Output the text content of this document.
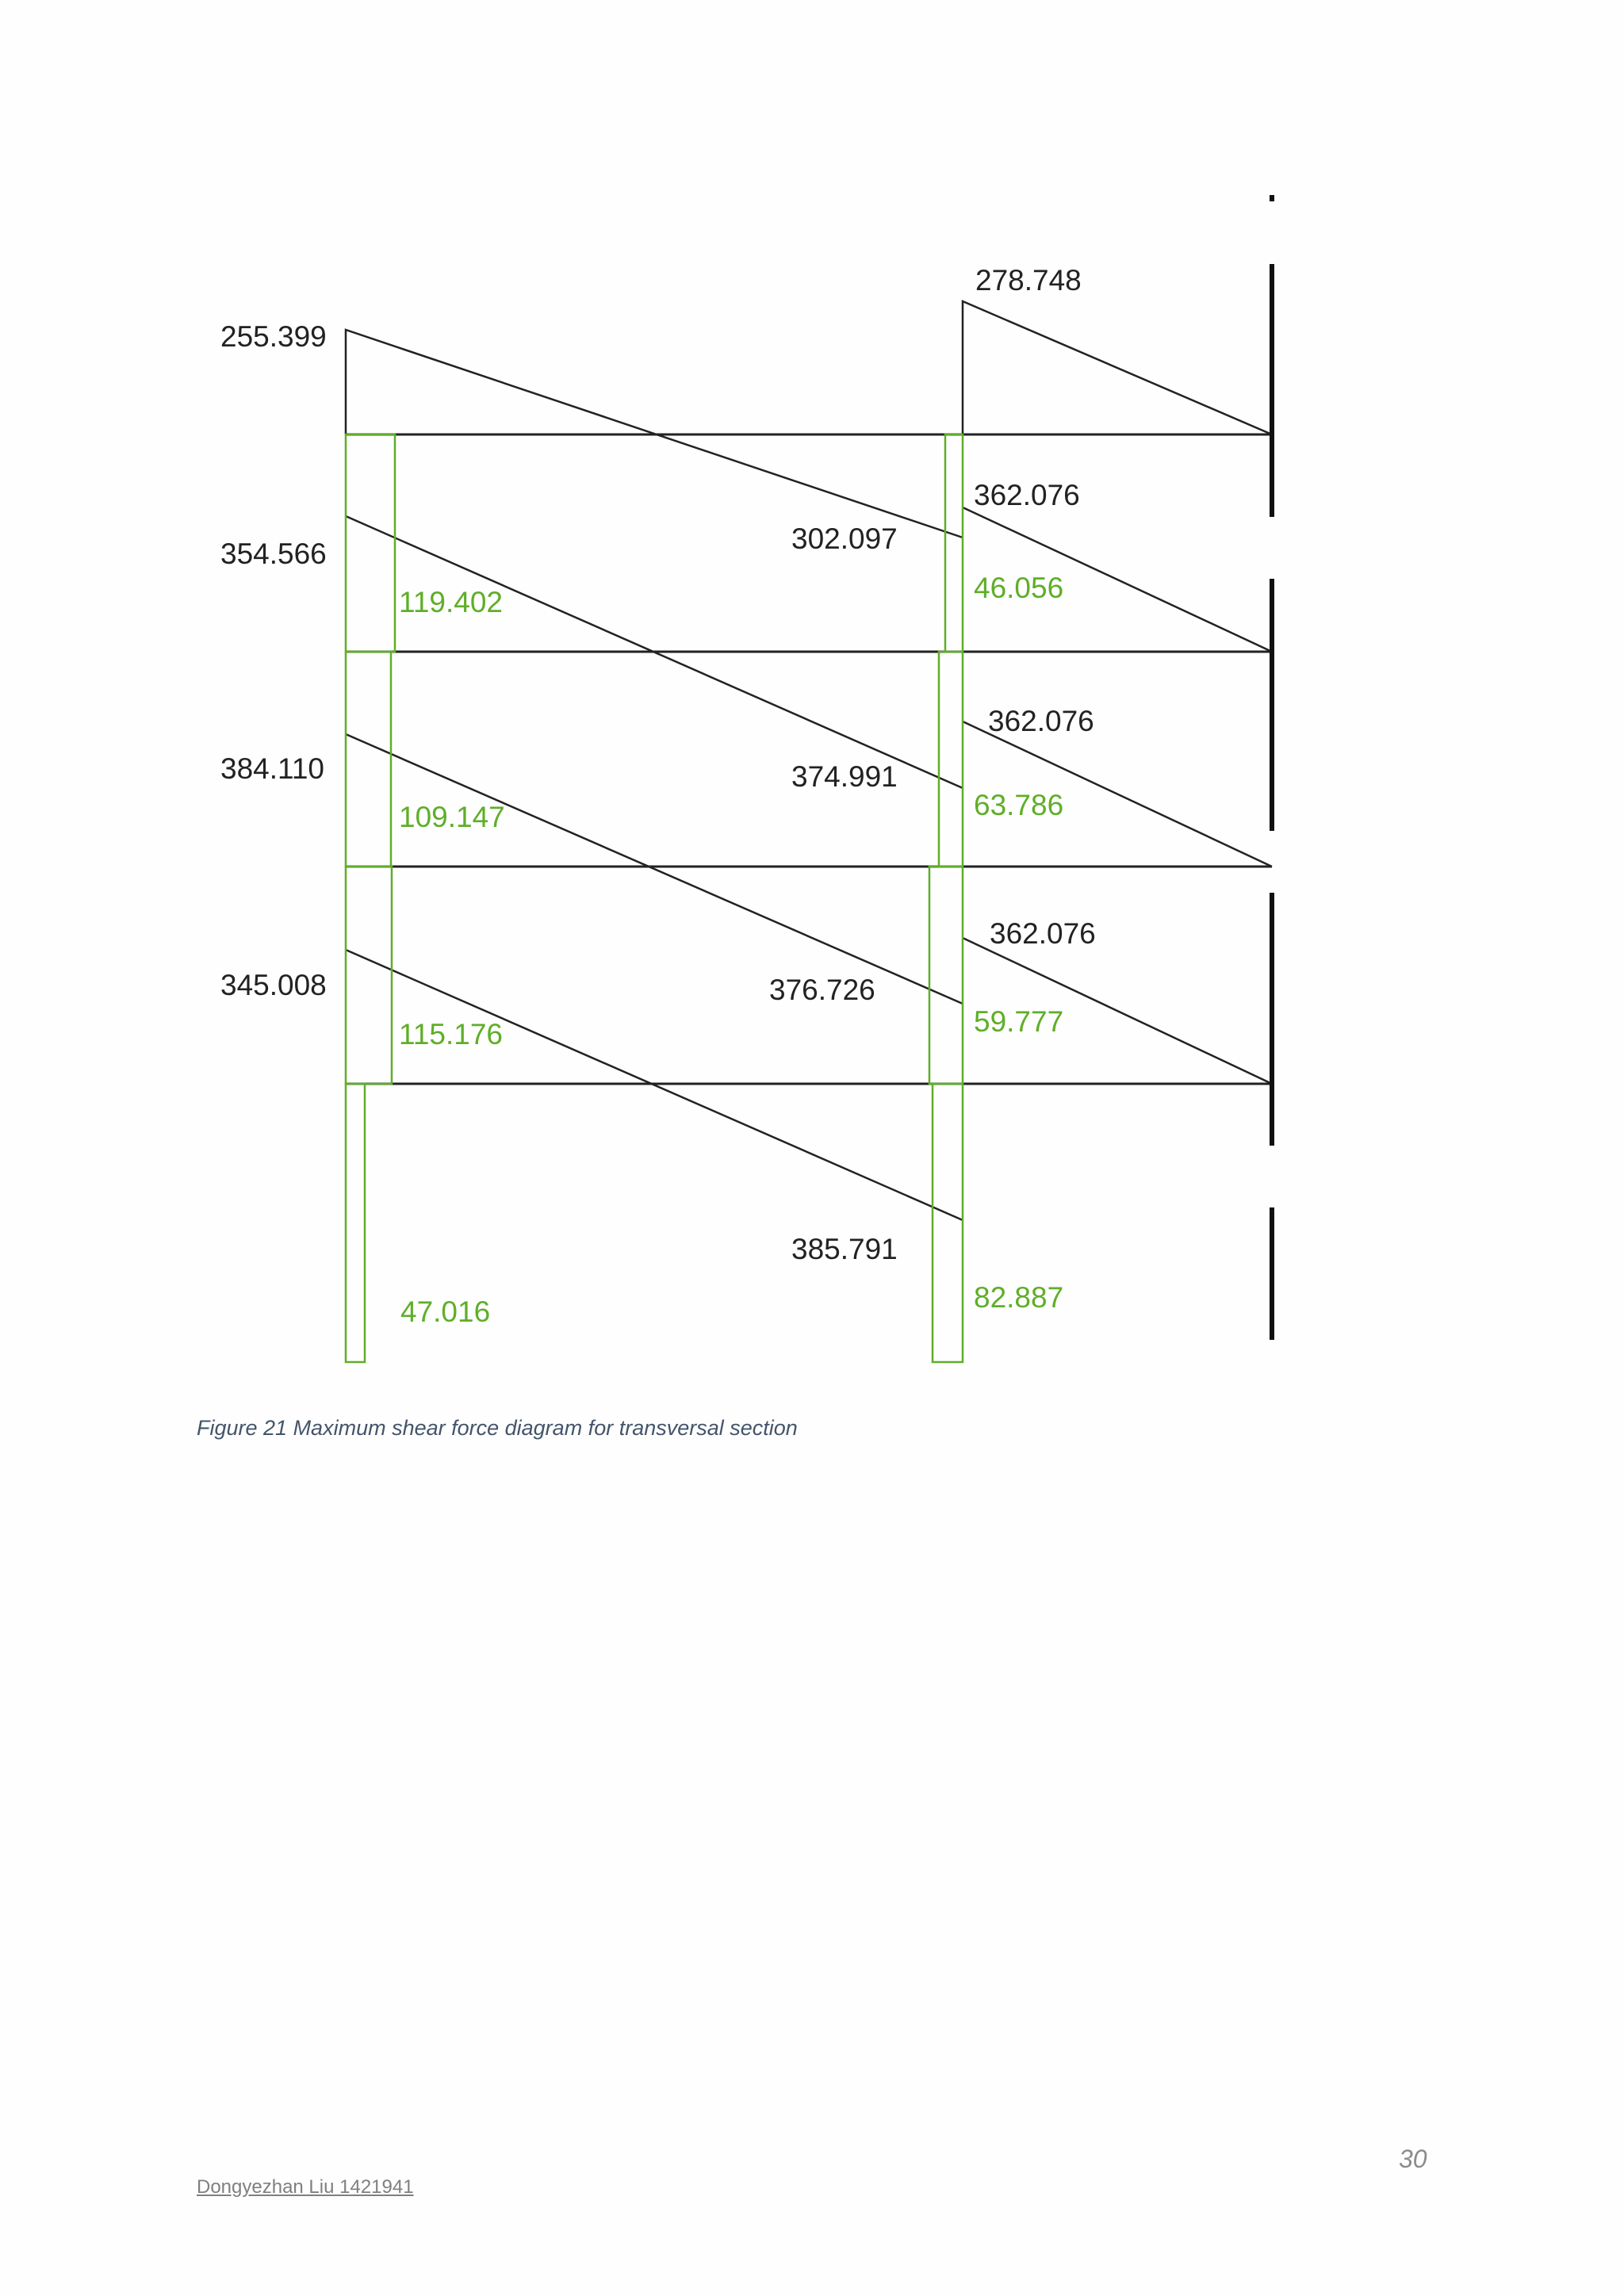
255.399
354.566
384.110
345.008
302.097
374.991
376.726
385.791
278.748
362.076
362.076
362.076
119.402
109.147
115.176
47.016
46.056
63.786
59.777
82.887
Figure 21 Maximum shear force diagram for transversal section
30
Dongyezhan Liu 1421941
